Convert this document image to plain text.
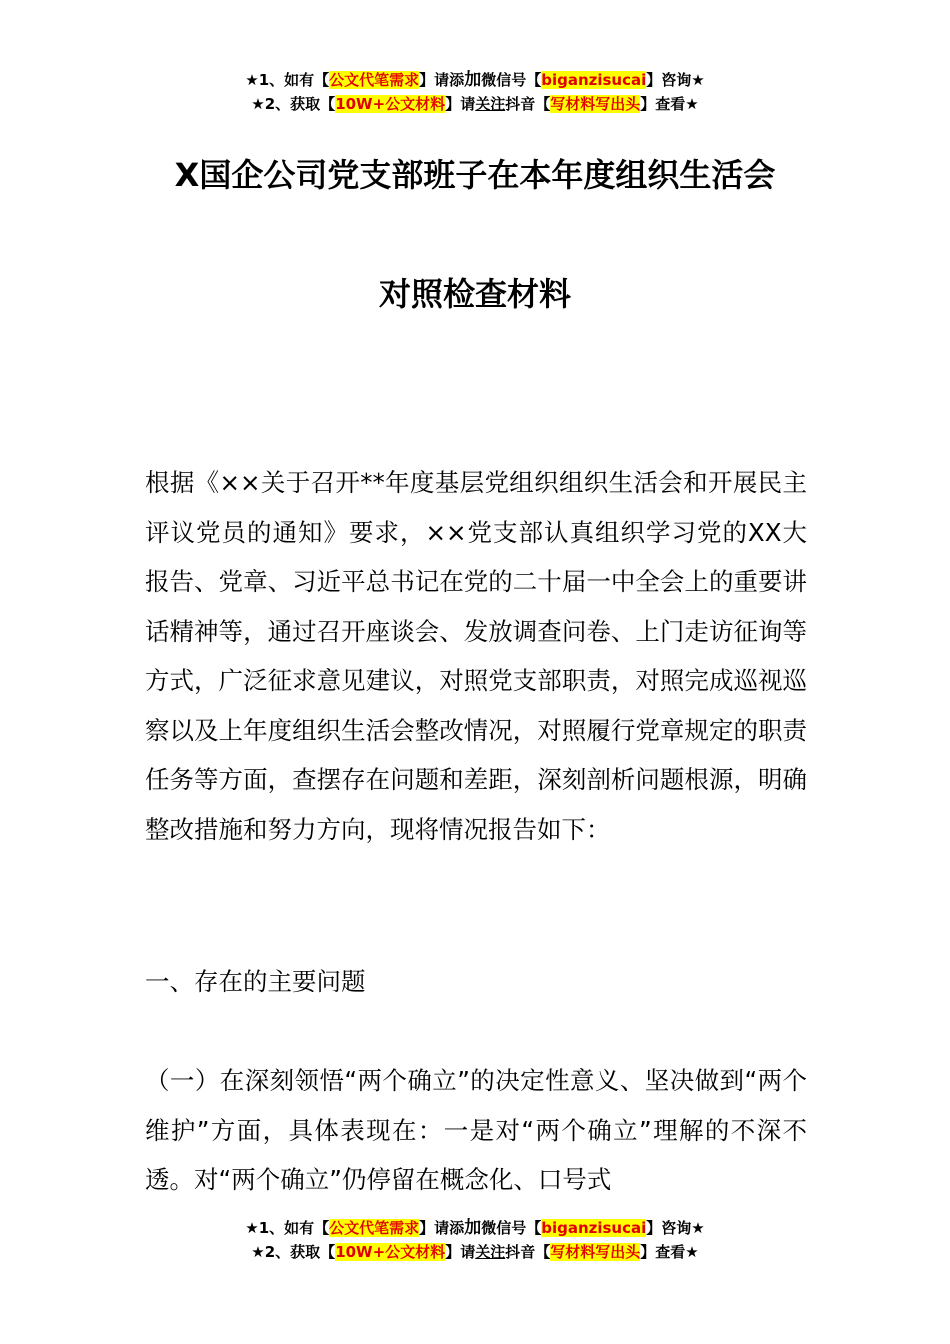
★1、如有【公文代笔需求】请添加微信号【biganzisucai】咨询★
★2、获取【10W+公文材料】请关注抖音【写材料写出头】查看★
X国企公司党支部班子在本年度组织生活会
对照检查材料
根据《××关于召开**年度基层党组织组织生活会和开展民主评议党员的通知》要求，××党支部认真组织学习党的XX大报告、党章、习近平总书记在党的二十届一中全会上的重要讲话精神等，通过召开座谈会、发放调查问卷、上门走访征询等方式，广泛征求意见建议，对照党支部职责，对照完成巡视巡察以及上年度组织生活会整改情况，对照履行党章规定的职责任务等方面，查摆存在问题和差距，深刻剖析问题根源，明确整改措施和努力方向，现将情况报告如下：
一、存在的主要问题
（一）在深刻领悟“两个确立”的决定性意义、坚决做到“两个维护”方面，具体表现在：一是对“两个确立”理解的不深不透。对“两个确立”仍停留在概念化、口号式
★1、如有【公文代笔需求】请添加微信号【biganzisucai】咨询★
★2、获取【10W+公文材料】请关注抖音【写材料写出头】查看★
